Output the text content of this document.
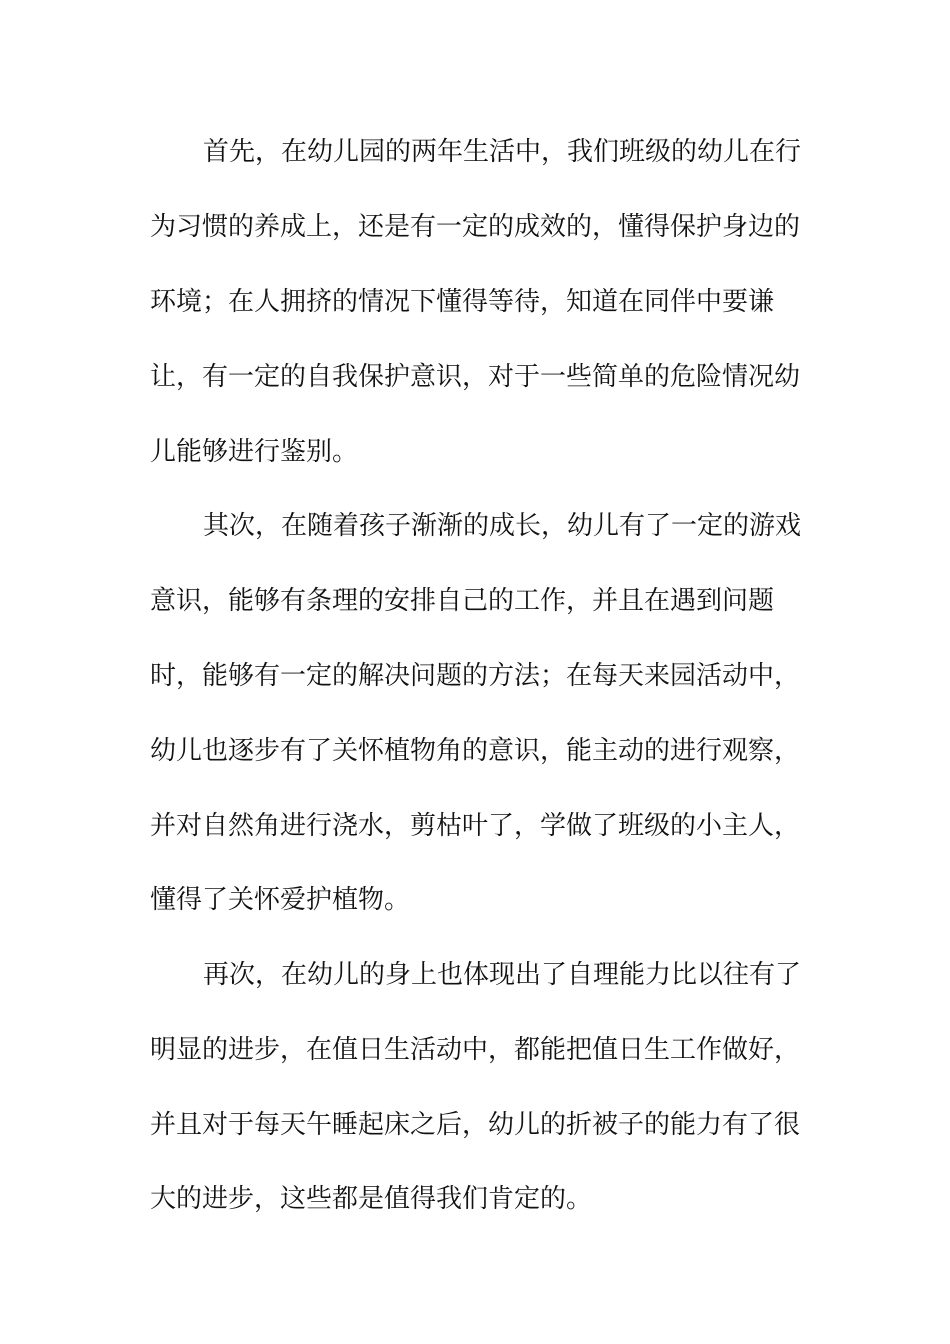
首先，在幼儿园的两年生活中，我们班级的幼儿在行
为习惯的养成上，还是有一定的成效的，懂得保护身边的
环境；在人拥挤的情况下懂得等待，知道在同伴中要谦
让，有一定的自我保护意识，对于一些简单的危险情况幼
儿能够进行鉴别。
其次，在随着孩子渐渐的成长，幼儿有了一定的游戏
意识，能够有条理的安排自己的工作，并且在遇到问题
时，能够有一定的解决问题的方法；在每天来园活动中，
幼儿也逐步有了关怀植物角的意识，能主动的进行观察，
并对自然角进行浇水，剪枯叶了，学做了班级的小主人，
懂得了关怀爱护植物。
再次，在幼儿的身上也体现出了自理能力比以往有了
明显的进步，在值日生活动中，都能把值日生工作做好，
并且对于每天午睡起床之后，幼儿的折被子的能力有了很
大的进步，这些都是值得我们肯定的。
